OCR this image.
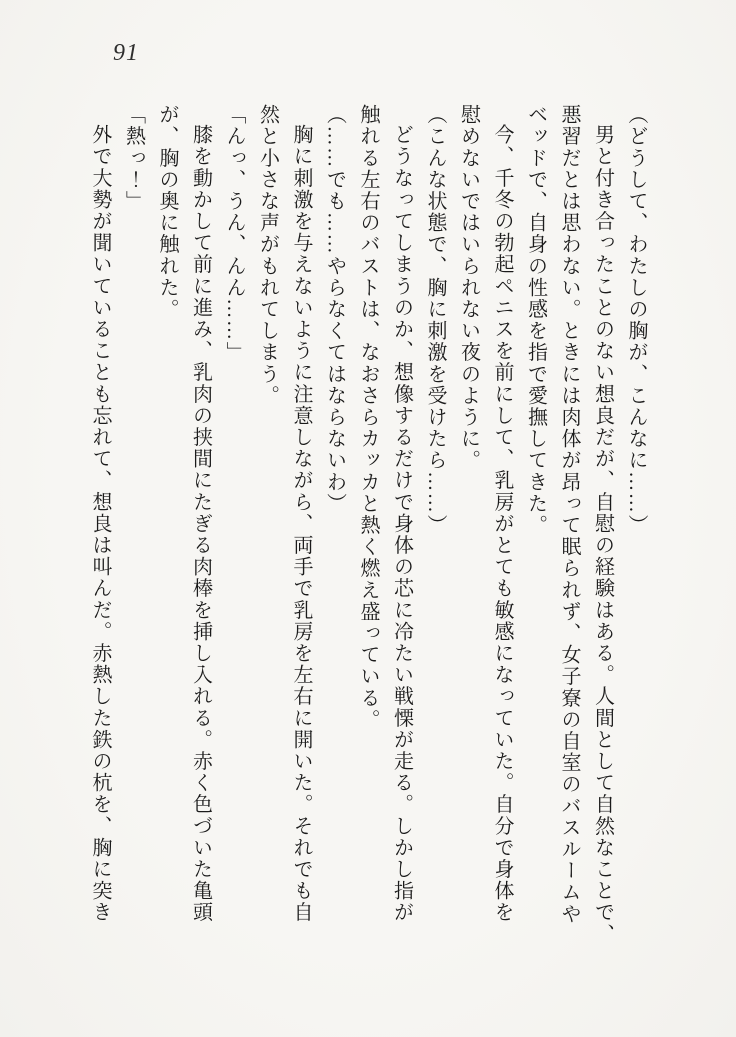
91

（どうして、わたしの胸が、こんなに……）

男と付き合ったことのない想良だが、自慰の経験はある。人間として自然なことで、

悪習だとは思わない。ときには肉体が昂って眠られず、女子寮の自室のバスルームや

ベッドで、自身の性感を指で愛撫してきた。

今、千冬の勃起ペニスを前にして、乳房がとても敏感になっていた。自分で身体を

慰めないではいられない夜のように。

（こんな状態で、胸に刺激を受けたら……）

どうなってしまうのか、想像するだけで身体の芯に冷たい戦慄が走る。しかし指が

触れる左右のバストは、なおさらカッカと熱く燃え盛っている。

（……でも……やらなくてはならないわ）

胸に刺激を与えないように注意しながら、両手で乳房を左右に開いた。それでも自

然と小さな声がもれてしまう。

「んっ、うん、んん……」

膝を動かして前に進み、乳肉の挟間にたぎる肉棒を挿し入れる。赤く色づいた亀頭

が、胸の奥に触れた。

「熱っ！」

外で大勢が聞いていることも忘れて、想良は叫んだ。赤熱した鉄の杭を、胸に突き
